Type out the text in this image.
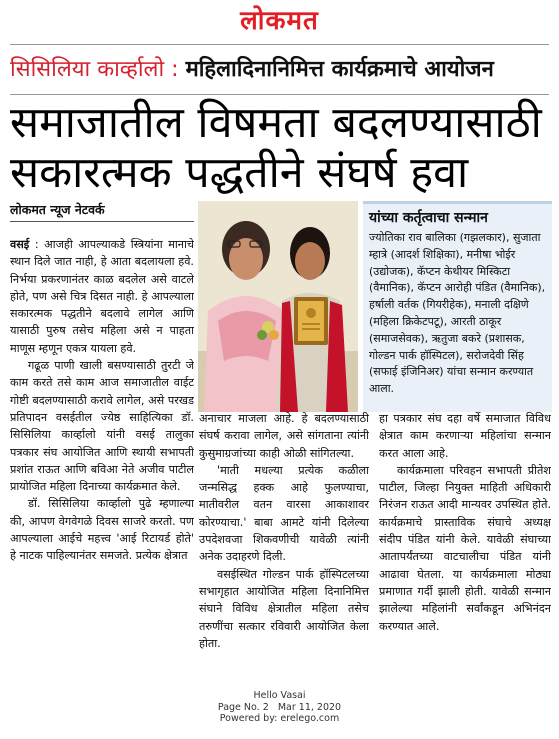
लोकमत
सिसिलिया कार्व्हालो : महिलादिनानिमित्त कार्यक्रमाचे आयोजन
समाजातील विषमता बदलण्यासाठी
सकारत्मक पद्धतीने संघर्ष हवा
लोकमत न्यूज नेटवर्क
यांच्या कर्तृत्वाचा सन्मान
ज्योतिका राव बालिका (गझलकार), सुजाता म्हात्रे (आदर्श शिक्षिका), मनीषा भोईर (उद्योजक), कॅप्टन केथीयर मिस्किटा (वैमानिक), कॅप्टन आरोही पंडित (वैमानिक), हर्षाली वर्तक (गियरीहेक), मनाली दक्षिणे (महिला क्रिकेटपटू), आरती ठाकूर (समाजसेवक), ऋतुजा बकरे (प्रशासक, गोल्डन पार्क हॉस्पिटल), सरोजदेवी सिंह (सफाई इंजिनिअर) यांचा सन्मान करण्यात आला.

वसई : आजही आपल्याकडे स्त्रियांना मानाचे स्थान दिले जात नाही, हे आता बदलायला हवे. निर्भया प्रकरणानंतर काळ बदलेल असे वाटले होते, पण असे चित्र दिसत नाही. हे आपल्याला सकारत्मक पद्धतीने बदलावे लागेल आणि यासाठी पुरुष तसेच महिला असे न पाहता माणूस म्हणून एकत्र यायला हवे.

गढूळ पाणी खाली बसण्यासाठी तुरटी जे काम करते तसे काम आज समाजातील वाईट गोष्टी बदलण्यासाठी करावे लागेल, असे परखड प्रतिपादन वसईतील ज्येष्ठ साहित्यिका डॉ. सिसिलिया कार्व्हालो यांनी वसई तालुका पत्रकार संघ आयोजित आणि स्थायी सभापती प्रशांत राऊत आणि बविआ नेते अजीव पाटील प्रायोजित महिला दिनाच्या कार्यक्रमात केले.

डॉ. सिसिलिया कार्व्हालो पुढे म्हणाल्या की, आपण वेगवेगळे दिवस साजरे करतो. पण आपल्याला आईचे महत्त्व 'आई रिटायर्ड होते' हे नाटक पाहिल्यानंतर समजते. प्रत्येक क्षेत्रात

अनाचार माजला आहे. हे बदलण्यासाठी संघर्ष करावा लागेल, असे सांगताना त्यांनी कुसुमाग्रजांच्या काही ओळी सांगितल्या.

'माती मधल्या प्रत्येक कळीला जन्मसिद्ध हक्क आहे फुलण्याचा, मातीवरील वतन वारसा आकाशावर कोरण्याचा.' बाबा आमटे यांनी दिलेल्या उपदेशवजा शिकवणीची यावेळी त्यांनी अनेक उदाहरणे दिली.

वसईस्थित गोल्डन पार्क हॉस्पिटलच्या सभागृहात आयोजित महिला दिनानिमित्त संघाने विविध क्षेत्रातील महिला तसेच तरुणींचा सत्कार रविवारी आयोजित केला होता.

हा पत्रकार संघ दहा वर्षे समाजात विविध क्षेत्रात काम करणाऱ्या महिलांचा सन्मान करत आला आहे.

कार्यक्रमाला परिवहन सभापती प्रीतेश पाटील, जिल्हा नियुक्त माहिती अधिकारी निरंजन राऊत आदी मान्यवर उपस्थित होते. कार्यक्रमाचे प्रास्ताविक संघाचे अध्यक्ष संदीप पंडित यांनी केले. यावेळी संघाच्या आतापर्यंतच्या वाटचालीचा पंडित यांनी आढावा घेतला. या कार्यक्रमाला मोठ्या प्रमाणात गर्दी झाली होती. यावेळी सन्मान झालेल्या महिलांनी सर्वांकडून अभिनंदन करण्यात आले.

Hello Vasai
Page No. 2 Mar 11, 2020
Powered by: erelego.com
